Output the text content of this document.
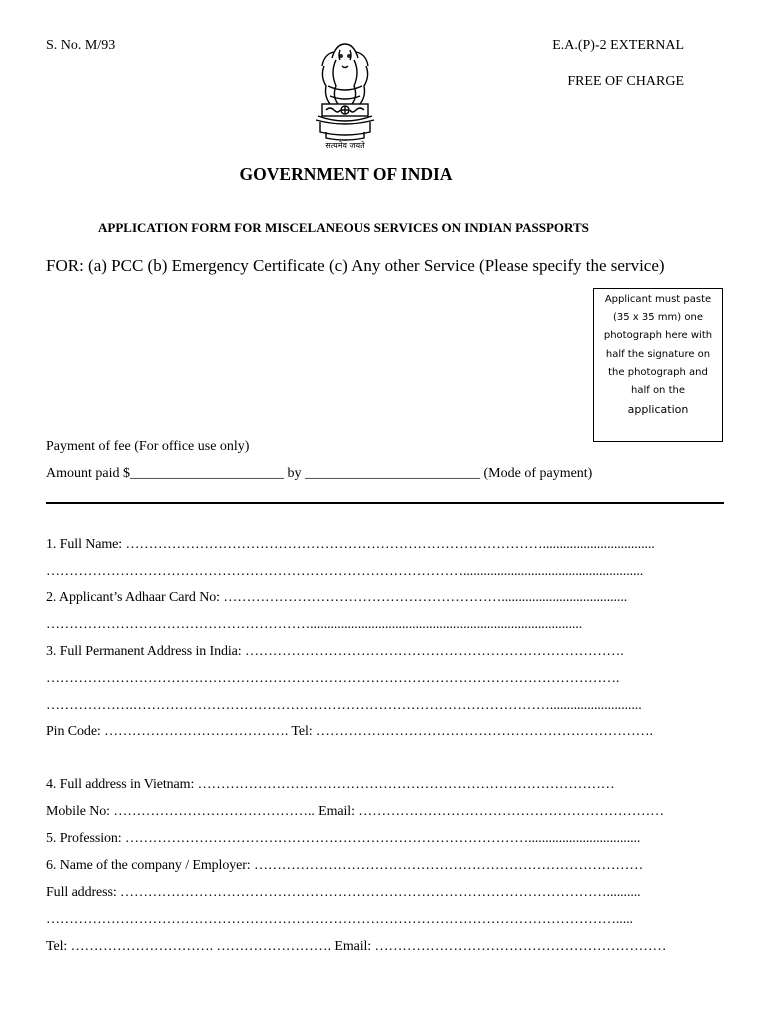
S. No. M/93	E.A.(P)-2 EXTERNAL
FREE OF CHARGE
सत्यमेव जयते
GOVERNMENT OF INDIA
APPLICATION FORM FOR MISCELANEOUS SERVICES ON INDIAN PASSPORTS
FOR: (a) PCC (b) Emergency Certificate (c) Any other Service (Please specify the service)
Applicant must paste
(35 x 35 mm) one
photograph here with
half the signature on
the photograph and
half on the
application
Payment of fee (For office use only)
Amount paid $______________________ by _________________________ (Mode of payment)
1. Full Name: ……………………………………………………………………………….................................
……………………………………………………………………………….....................................................
2. Applicant’s Adhaar Card No: …………………………………………………….....................................
…………………………………………………................................................................................
3. Full Permanent Address in India: ……………………………………………………………………….
…………………………………………………………………………………………………………….
……………….………………………………………………………………………………...........................
Pin Code: …………………………………. Tel: ……………………………………………………………….
4. Full address in Vietnam: ………………………………………………………………………………
Mobile No: …………………………………….. Email: …………………………………………………………
5. Profession: …………………………………………………………………………….................................
6. Name of the company / Employer: …………………………………………………………………………
Full address: ……………………………………………………………………………………………..........
…………………………………………………………………………………………………………….....
Tel: …………………………. ……………………. Email: ………………………………………………………
